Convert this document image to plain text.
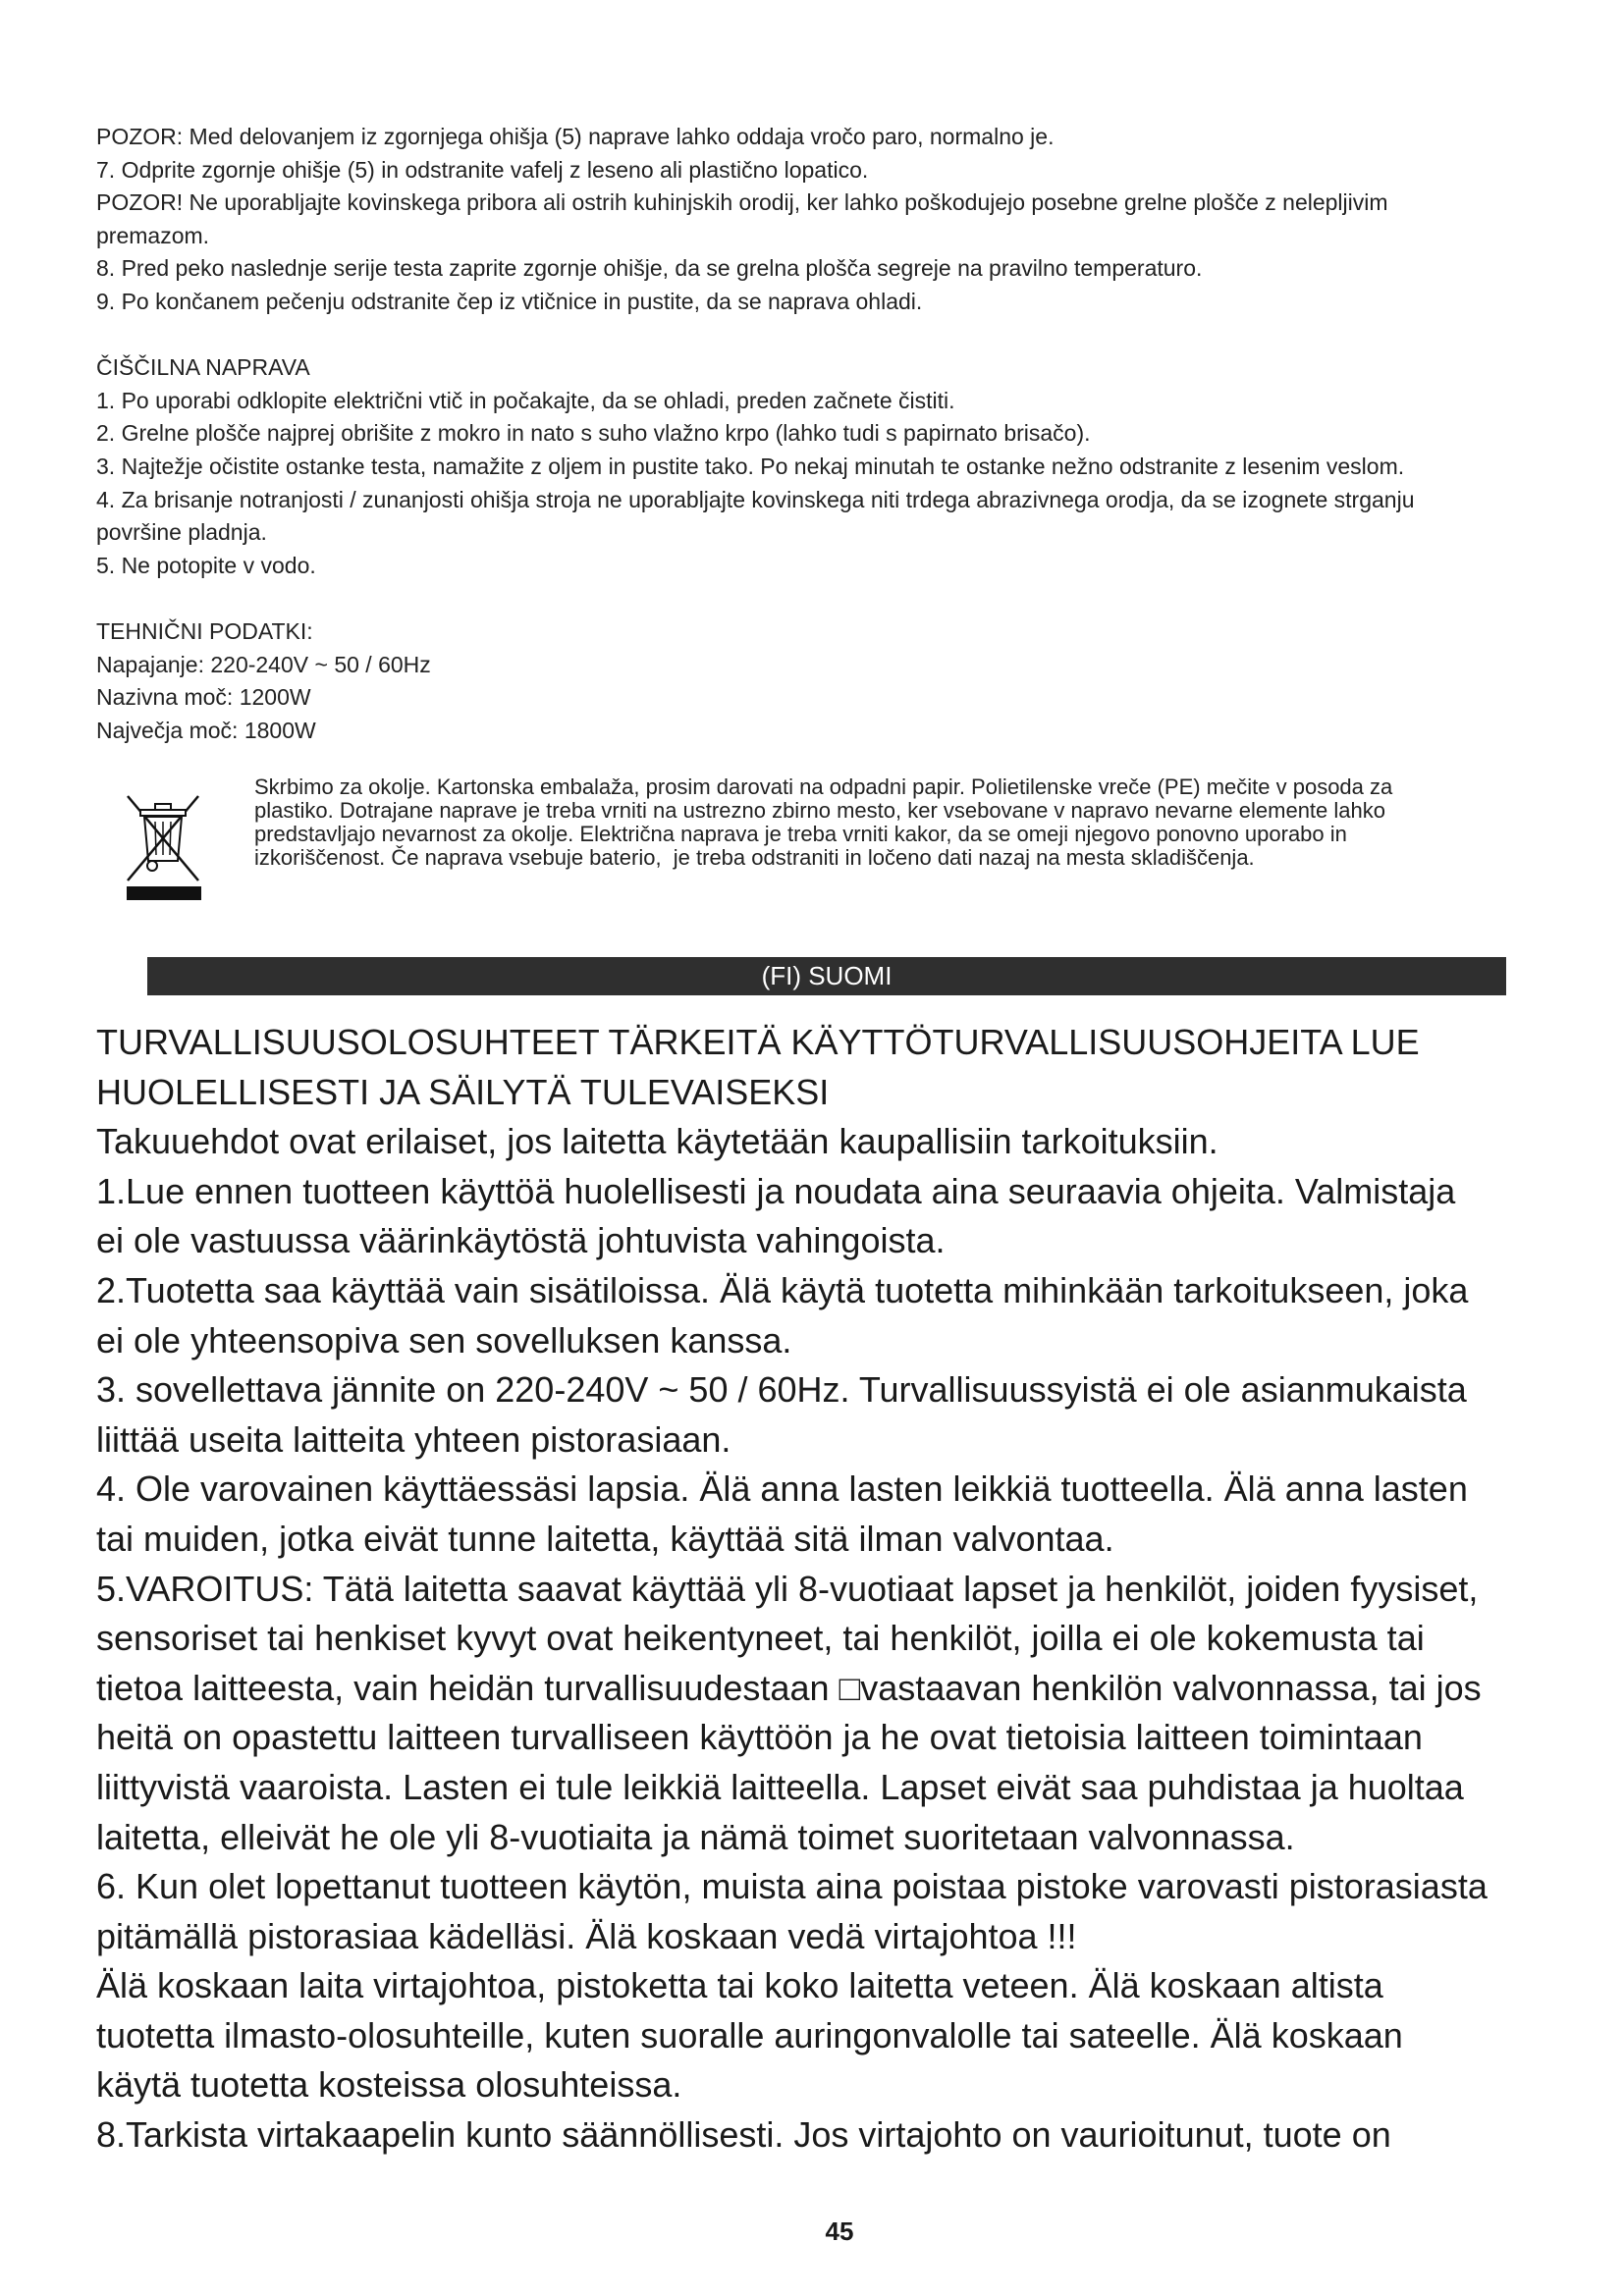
POZOR: Med delovanjem iz zgornjega ohišja (5) naprave lahko oddaja vročo paro, normalno je.
7. Odprite zgornje ohišje (5) in odstranite vafelj z leseno ali plastično lopatico.
POZOR! Ne uporabljajte kovinskega pribora ali ostrih kuhinjskih orodij, ker lahko poškodujejo posebne grelne plošče z nelepljivim
premazom.
8. Pred peko naslednje serije testa zaprite zgornje ohišje, da se grelna plošča segreje na pravilno temperaturo.
9. Po končanem pečenju odstranite čep iz vtičnice in pustite, da se naprava ohladi.
ČIŠČILNA NAPRAVA
1. Po uporabi odklopite električni vtič in počakajte, da se ohladi, preden začnete čistiti.
2. Grelne plošče najprej obrišite z mokro in nato s suho vlažno krpo (lahko tudi s papirnato brisačo).
3. Najtežje očistite ostanke testa, namažite z oljem in pustite tako. Po nekaj minutah te ostanke nežno odstranite z lesenim veslom.
4. Za brisanje notranjosti / zunanjosti ohišja stroja ne uporabljajte kovinskega niti trdega abrazivnega orodja, da se izognete strganju
površine pladnja.
5. Ne potopite v vodo.
TEHNIČNI PODATKI:
Napajanje: 220-240V ~ 50 / 60Hz
Nazivna moč: 1200W
Največja moč: 1800W
Skrbimo za okolje. Kartonska embalaža, prosim darovati na odpadni papir. Polietilenske vreče (PE) mečite v posoda za
plastiko. Dotrajane naprave je treba vrniti na ustrezno zbirno mesto, ker vsebovane v napravo nevarne elemente lahko
predstavljajo nevarnost za okolje. Električna naprava je treba vrniti kakor, da se omeji njegovo ponovno uporabo in
izkoriščenost. Če naprava vsebuje baterio,  je treba odstraniti in ločeno dati nazaj na mesta skladiščenja.
(FI) SUOMI
TURVALLISUUSOLOSUHTEET TÄRKEITÄ KÄYTTÖTURVALLISUUSOHJEITA LUE
HUOLELLISESTI JA SÄILYTÄ TULEVAISEKSI
Takuuehdot ovat erilaiset, jos laitetta käytetään kaupallisiin tarkoituksiin.
1.Lue ennen tuotteen käyttöä huolellisesti ja noudata aina seuraavia ohjeita. Valmistaja
ei ole vastuussa väärinkäytöstä johtuvista vahingoista.
2.Tuotetta saa käyttää vain sisätiloissa. Älä käytä tuotetta mihinkään tarkoitukseen, joka
ei ole yhteensopiva sen sovelluksen kanssa.
3. sovellettava jännite on 220-240V ~ 50 / 60Hz. Turvallisuussyistä ei ole asianmukaista
liittää useita laitteita yhteen pistorasiaan.
4. Ole varovainen käyttäessäsi lapsia. Älä anna lasten leikkiä tuotteella. Älä anna lasten
tai muiden, jotka eivät tunne laitetta, käyttää sitä ilman valvontaa.
5.VAROITUS: Tätä laitetta saavat käyttää yli 8-vuotiaat lapset ja henkilöt, joiden fyysiset,
sensoriset tai henkiset kyvyt ovat heikentyneet, tai henkilöt, joilla ei ole kokemusta tai
tietoa laitteesta, vain heidän turvallisuudestaan □vastaavan henkilön valvonnassa, tai jos
heitä on opastettu laitteen turvalliseen käyttöön ja he ovat tietoisia laitteen toimintaan
liittyvistä vaaroista. Lasten ei tule leikkiä laitteella. Lapset eivät saa puhdistaa ja huoltaa
laitetta, elleivät he ole yli 8-vuotiaita ja nämä toimet suoritetaan valvonnassa.
6. Kun olet lopettanut tuotteen käytön, muista aina poistaa pistoke varovasti pistorasiasta
pitämällä pistorasiaa kädelläsi. Älä koskaan vedä virtajohtoa !!!
Älä koskaan laita virtajohtoa, pistoketta tai koko laitetta veteen. Älä koskaan altista
tuotetta ilmasto-olosuhteille, kuten suoralle auringonvalolle tai sateelle. Älä koskaan
käytä tuotetta kosteissa olosuhteissa.
8.Tarkista virtakaapelin kunto säännöllisesti. Jos virtajohto on vaurioitunut, tuote on
45
